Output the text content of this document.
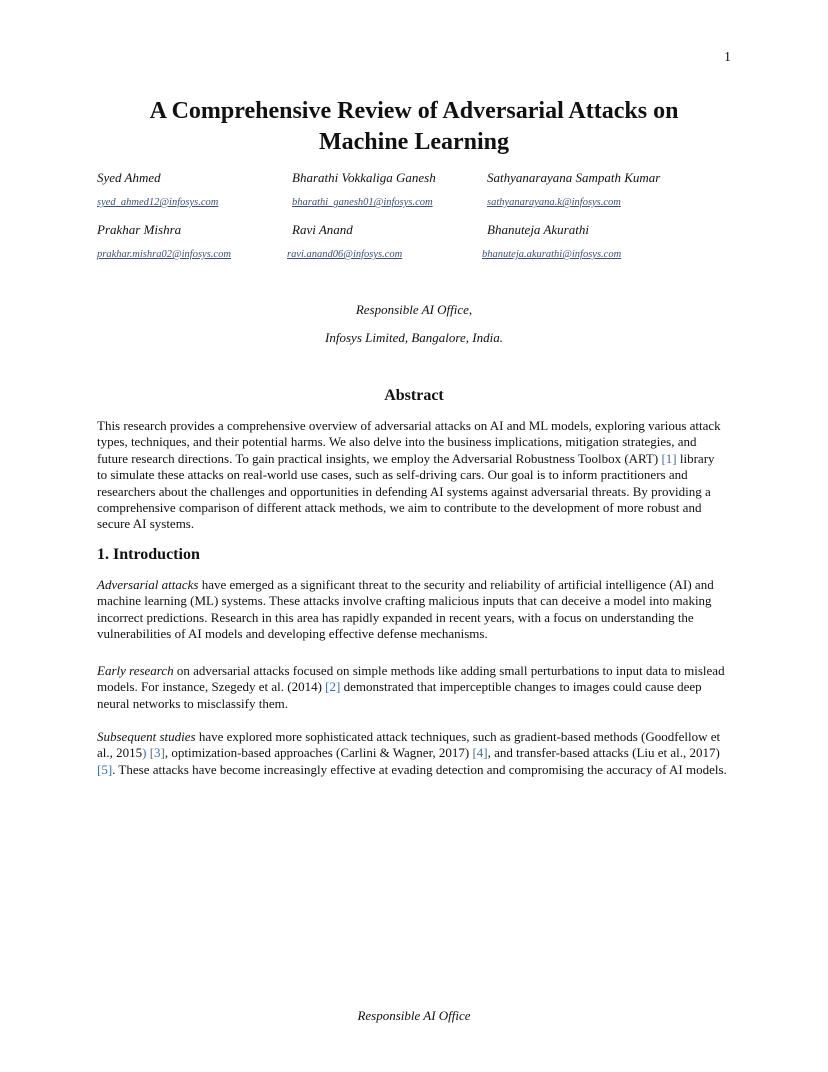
1
A Comprehensive Review of Adversarial Attacks on
Machine Learning
Syed Ahmed	Bharathi Vokkaliga Ganesh	Sathyanarayana Sampath Kumar
syed_ahmed12@infosys.com	bharathi_ganesh01@infosys.com	sathyanarayana.k@infosys.com
Prakhar Mishra	Ravi Anand	Bhanuteja Akurathi
prakhar.mishra02@infosys.com	ravi.anand06@infosys.com	bhanuteja.akurathi@infosys.com
Responsible AI Office,
Infosys Limited, Bangalore, India.
Abstract

This research provides a comprehensive overview of adversarial attacks on AI and ML models, exploring various attack types, techniques, and their potential harms. We also delve into the business implications, mitigation strategies, and future research directions. To gain practical insights, we employ the Adversarial Robustness Toolbox (ART) [1] library to simulate these attacks on real-world use cases, such as self-driving cars. Our goal is to inform practitioners and researchers about the challenges and opportunities in defending AI systems against adversarial threats. By providing a comprehensive comparison of different attack methods, we aim to contribute to the development of more robust and secure AI systems.

1. Introduction

Adversarial attacks have emerged as a significant threat to the security and reliability of artificial intelligence (AI) and machine learning (ML) systems. These attacks involve crafting malicious inputs that can deceive a model into making incorrect predictions. Research in this area has rapidly expanded in recent years, with a focus on understanding the vulnerabilities of AI models and developing effective defense mechanisms.

Early research on adversarial attacks focused on simple methods like adding small perturbations to input data to mislead models. For instance, Szegedy et al. (2014) [2] demonstrated that imperceptible changes to images could cause deep neural networks to misclassify them.

Subsequent studies have explored more sophisticated attack techniques, such as gradient-based methods (Goodfellow et al., 2015) [3], optimization-based approaches (Carlini & Wagner, 2017) [4], and transfer-based attacks (Liu et al., 2017) [5]. These attacks have become increasingly effective at evading detection and compromising the accuracy of AI models.

Responsible AI Office
